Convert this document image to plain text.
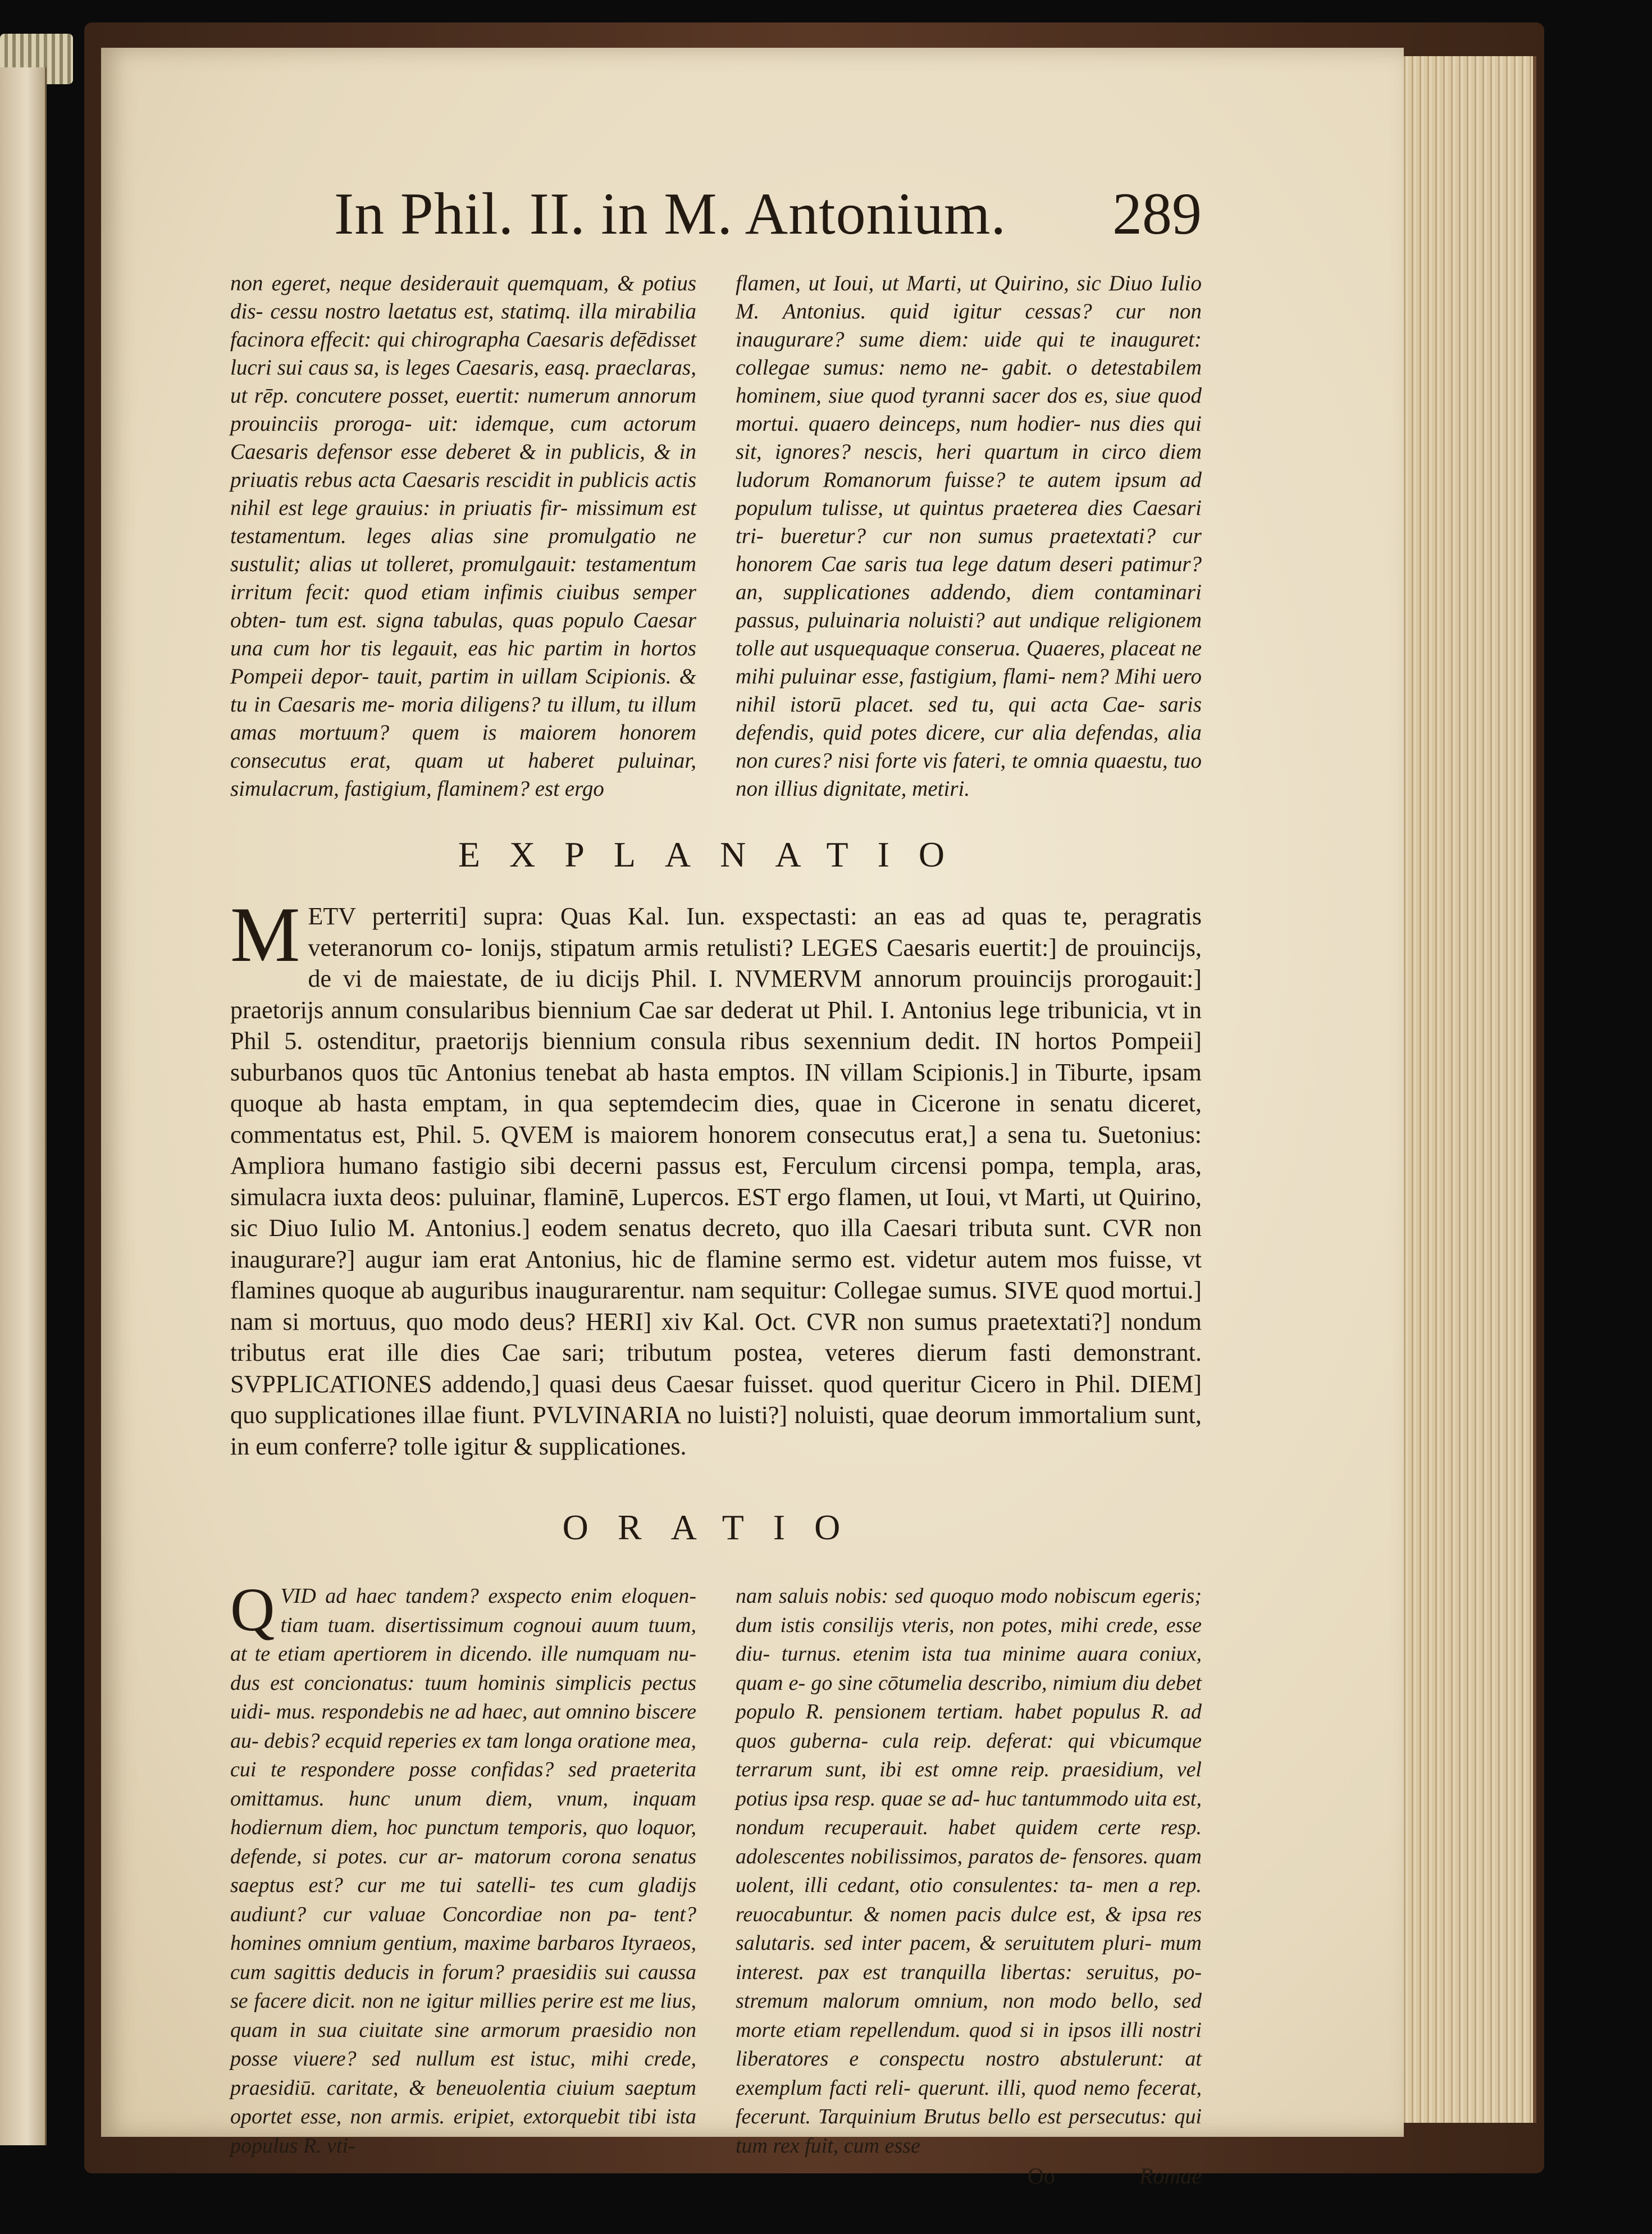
In Phil. II. in M. Antonium. 289

non egeret, neque desiderauit quemquam, & potius dis- cessu nostro laetatus est, statimq. illa mirabilia facinora effecit: qui chirographa Caesaris defēdisset lucri sui caus sa, is leges Caesaris, easq. praeclaras, ut rēp. concutere posset, euertit: numerum annorum prouinciis proroga- uit: idemque, cum actorum Caesaris defensor esse deberet & in publicis, & in priuatis rebus acta Caesaris rescidit in publicis actis nihil est lege grauius: in priuatis fir- missimum est testamentum. leges alias sine promulgatio ne sustulit; alias ut tolleret, promulgauit: testamentum irritum fecit: quod etiam infimis ciuibus semper obten- tum est. signa tabulas, quas populo Caesar una cum hor tis legauit, eas hic partim in hortos Pompeii depor- tauit, partim in uillam Scipionis. & tu in Caesaris me- moria diligens? tu illum, tu illum amas mortuum? quem is maiorem honorem consecutus erat, quam ut haberet puluinar, simulacrum, fastigium, flaminem? est ergo

flamen, ut Ioui, ut Marti, ut Quirino, sic Diuo Iulio M. Antonius. quid igitur cessas? cur non inaugurare? sume diem: uide qui te inauguret: collegae sumus: nemo ne- gabit. o detestabilem hominem, siue quod tyranni sacer dos es, siue quod mortui. quaero deinceps, num hodier- nus dies qui sit, ignores? nescis, heri quartum in circo diem ludorum Romanorum fuisse? te autem ipsum ad populum tulisse, ut quintus praeterea dies Caesari tri- bueretur? cur non sumus praetextati? cur honorem Cae saris tua lege datum deseri patimur? an, supplicationes addendo, diem contaminari passus, puluinaria noluisti? aut undique religionem tolle aut usquequaque conserua. Quaeres, placeat ne mihi puluinar esse, fastigium, flami- nem? Mihi uero nihil istorū placet. sed tu, qui acta Cae- saris defendis, quid potes dicere, cur alia defendas, alia non cures? nisi forte vis fateri, te omnia quaestu, tuo non illius dignitate, metiri.

EXPLANATIO
M ETV perterriti] supra: Quas Kal. Iun. exspectasti: an eas ad quas te, peragratis veteranorum co- lonijs, stipatum armis retulisti? LEGES Caesaris euertit:] de prouincijs, de vi de maiestate, de iu dicijs Phil. I. NVMERVM annorum prouincijs prorogauit:] praetorijs annum consularibus biennium Cae sar dederat ut Phil. I. Antonius lege tribunicia, vt in Phil 5. ostenditur, praetorijs biennium consula ribus sexennium dedit. IN hortos Pompeii] suburbanos quos tūc Antonius tenebat ab hasta emptos. IN villam Scipionis.] in Tiburte, ipsam quoque ab hasta emptam, in qua septemdecim dies, quae in Cicerone in senatu diceret, commentatus est, Phil. 5. QVEM is maiorem honorem consecutus erat,] a sena tu. Suetonius: Ampliora humano fastigio sibi decerni passus est, Ferculum circensi pompa, templa, aras, simulacra iuxta deos: puluinar, flaminē, Lupercos. EST ergo flamen, ut Ioui, vt Marti, ut Quirino, sic Diuo Iulio M. Antonius.] eodem senatus decreto, quo illa Caesari tributa sunt. CVR non inaugurare?] augur iam erat Antonius, hic de flamine sermo est. videtur autem mos fuisse, vt flamines quoque ab auguribus inaugurarentur. nam sequitur: Collegae sumus. SIVE quod mortui.] nam si mortuus, quo modo deus? HERI] xiv Kal. Oct. CVR non sumus praetextati?] nondum tributus erat ille dies Cae sari; tributum postea, veteres dierum fasti demonstrant. SVPPLICATIONES addendo,] quasi deus Caesar fuisset. quod queritur Cicero in Phil. DIEM] quo supplicationes illae fiunt. PVLVINARIA no luisti?] noluisti, quae deorum immortalium sunt, in eum conferre? tolle igitur & supplicationes.

ORATIO
Q VID ad haec tandem? exspecto enim eloquen- tiam tuam. disertissimum cognoui auum tuum, at te etiam apertiorem in dicendo. ille numquam nu- dus est concionatus: tuum hominis simplicis pectus uidi- mus. respondebis ne ad haec, aut omnino biscere au- debis? ecquid reperies ex tam longa oratione mea, cui te respondere posse confidas? sed praeterita omittamus. hunc unum diem, vnum, inquam hodiernum diem, hoc punctum temporis, quo loquor, defende, si potes. cur ar- matorum corona senatus saeptus est? cur me tui satelli- tes cum gladijs audiunt? cur valuae Concordiae non pa- tent? homines omnium gentium, maxime barbaros Ityraeos, cum sagittis deducis in forum? praesidiis sui caussa se facere dicit. non ne igitur millies perire est me lius, quam in sua ciuitate sine armorum praesidio non posse viuere? sed nullum est istuc, mihi crede, praesidiū. caritate, & beneuolentia ciuium saeptum oportet esse, non armis. eripiet, extorquebit tibi ista populus R. vti-

nam saluis nobis: sed quoquo modo nobiscum egeris; dum istis consilijs vteris, non potes, mihi crede, esse diu- turnus. etenim ista tua minime auara coniux, quam e- go sine cōtumelia describo, nimium diu debet populo R. pensionem tertiam. habet populus R. ad quos guberna- cula reip. deferat: qui vbicumque terrarum sunt, ibi est omne reip. praesidium, vel potius ipsa resp. quae se ad- huc tantummodo uita est, nondum recuperauit. habet quidem certe resp. adolescentes nobilissimos, paratos de- fensores. quam uolent, illi cedant, otio consulentes: ta- men a rep. reuocabuntur. & nomen pacis dulce est, & ipsa res salutaris. sed inter pacem, & seruitutem pluri- mum interest. pax est tranquilla libertas: seruitus, po- stremum malorum omnium, non modo bello, sed morte etiam repellendum. quod si in ipsos illi nostri liberatores e conspectu nostro abstulerunt: at exemplum facti reli- querunt. illi, quod nemo fecerat, fecerunt. Tarquinium Brutus bello est persecutus: qui tum rex fuit, cum esse

Oo	Romae
